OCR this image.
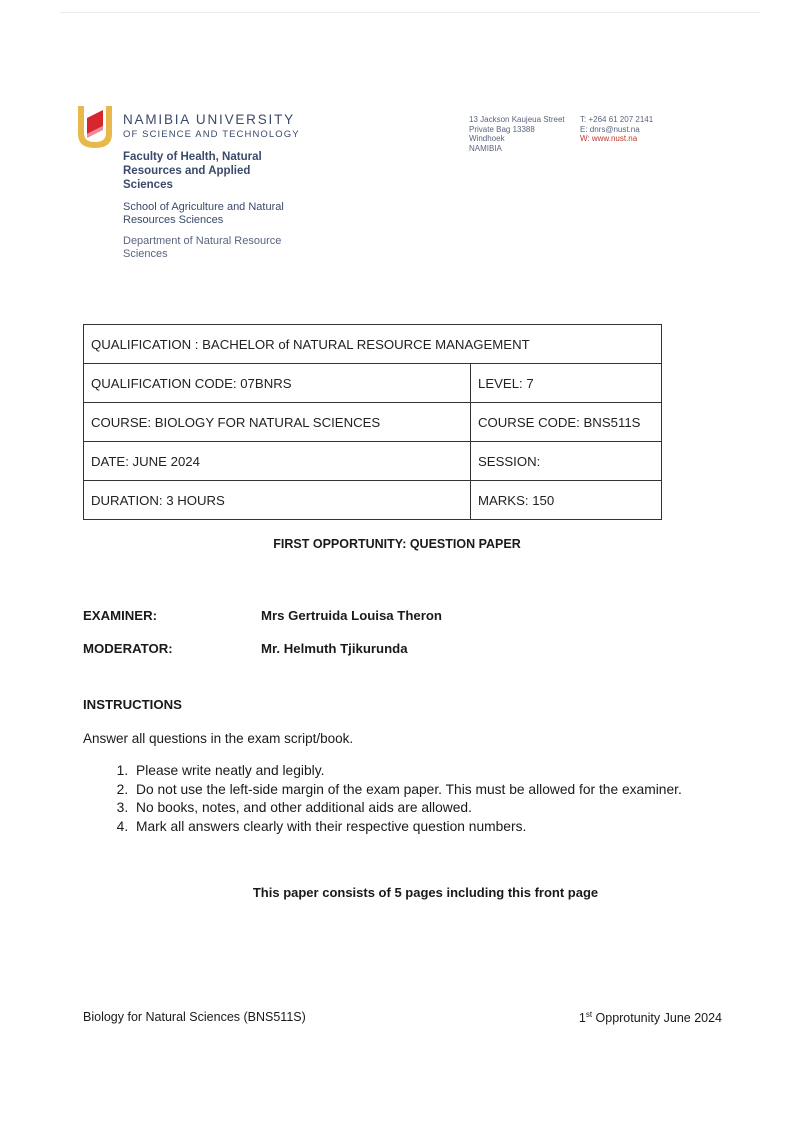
NAMIBIA UNIVERSITY
OF SCIENCE AND TECHNOLOGY
Faculty of Health, Natural Resources and Applied Sciences
School of Agriculture and Natural Resources Sciences
Department of Natural Resource Sciences
13 Jackson Kaujeua Street
Private Bag 13388
Windhoek
NAMIBIA
T: +264 61 207 2141
E: dnrs@nust.na
W: www.nust.na
QUALIFICATION : BACHELOR of NATURAL RESOURCE MANAGEMENT	
QUALIFICATION CODE: 07BNRS	LEVEL: 7
COURSE: BIOLOGY FOR NATURAL SCIENCES	COURSE CODE: BNS511S
DATE: JUNE 2024	SESSION:
DURATION: 3 HOURS	MARKS: 150
FIRST OPPORTUNITY: QUESTION PAPER
EXAMINER:	Mrs Gertruida Louisa Theron
MODERATOR:	Mr. Helmuth Tjikurunda
INSTRUCTIONS
Answer all questions in the exam script/book.
1. Please write neatly and legibly.
2. Do not use the left-side margin of the exam paper. This must be allowed for the examiner.
3. No books, notes, and other additional aids are allowed.
4. Mark all answers clearly with their respective question numbers.
This paper consists of 5 pages including this front page
Biology for Natural Sciences (BNS511S)	1st Opprotunity June 2024
